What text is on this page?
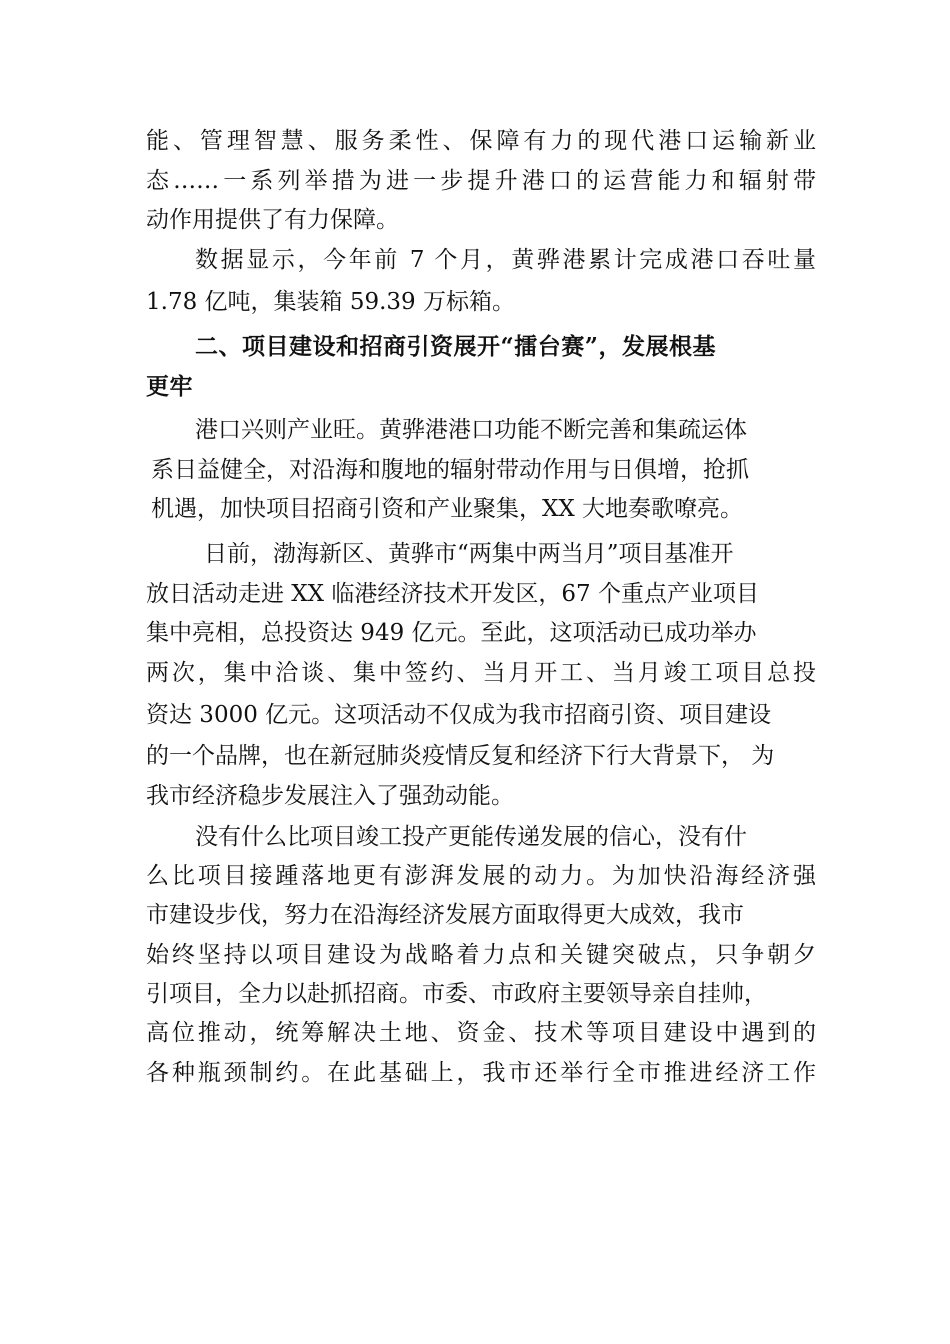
能、管理智慧、服务柔性、保障有力的现代港口运输新业
态……一系列举措为进一步提升港口的运营能力和辐射带
动作用提供了有力保障。
数据显示，今年前 7 个月，黄骅港累计完成港口吞吐量
1.78 亿吨，集装箱 59.39 万标箱。
二、项目建设和招商引资展开“擂台赛”，发展根基
更牢
港口兴则产业旺。黄骅港港口功能不断完善和集疏运体
系日益健全，对沿海和腹地的辐射带动作用与日俱增，抢抓
机遇，加快项目招商引资和产业聚集，XX 大地奏歌嘹亮。
日前，渤海新区、黄骅市“两集中两当月”项目基准开
放日活动走进 XX 临港经济技术开发区，67 个重点产业项目
集中亮相，总投资达 949 亿元。至此，这项活动已成功举办
两次，集中洽谈、集中签约、当月开工、当月竣工项目总投
资达 3000 亿元。这项活动不仅成为我市招商引资、项目建设
的一个品牌，也在新冠肺炎疫情反复和经济下行大背景下， 为
我市经济稳步发展注入了强劲动能。
没有什么比项目竣工投产更能传递发展的信心，没有什
么比项目接踵落地更有澎湃发展的动力。为加快沿海经济强
市建设步伐，努力在沿海经济发展方面取得更大成效，我市
始终坚持以项目建设为战略着力点和关键突破点，只争朝夕
引项目，全力以赴抓招商。市委、市政府主要领导亲自挂帅，
高位推动，统筹解决土地、资金、技术等项目建设中遇到的
各种瓶颈制约。在此基础上，我市还举行全市推进经济工作
